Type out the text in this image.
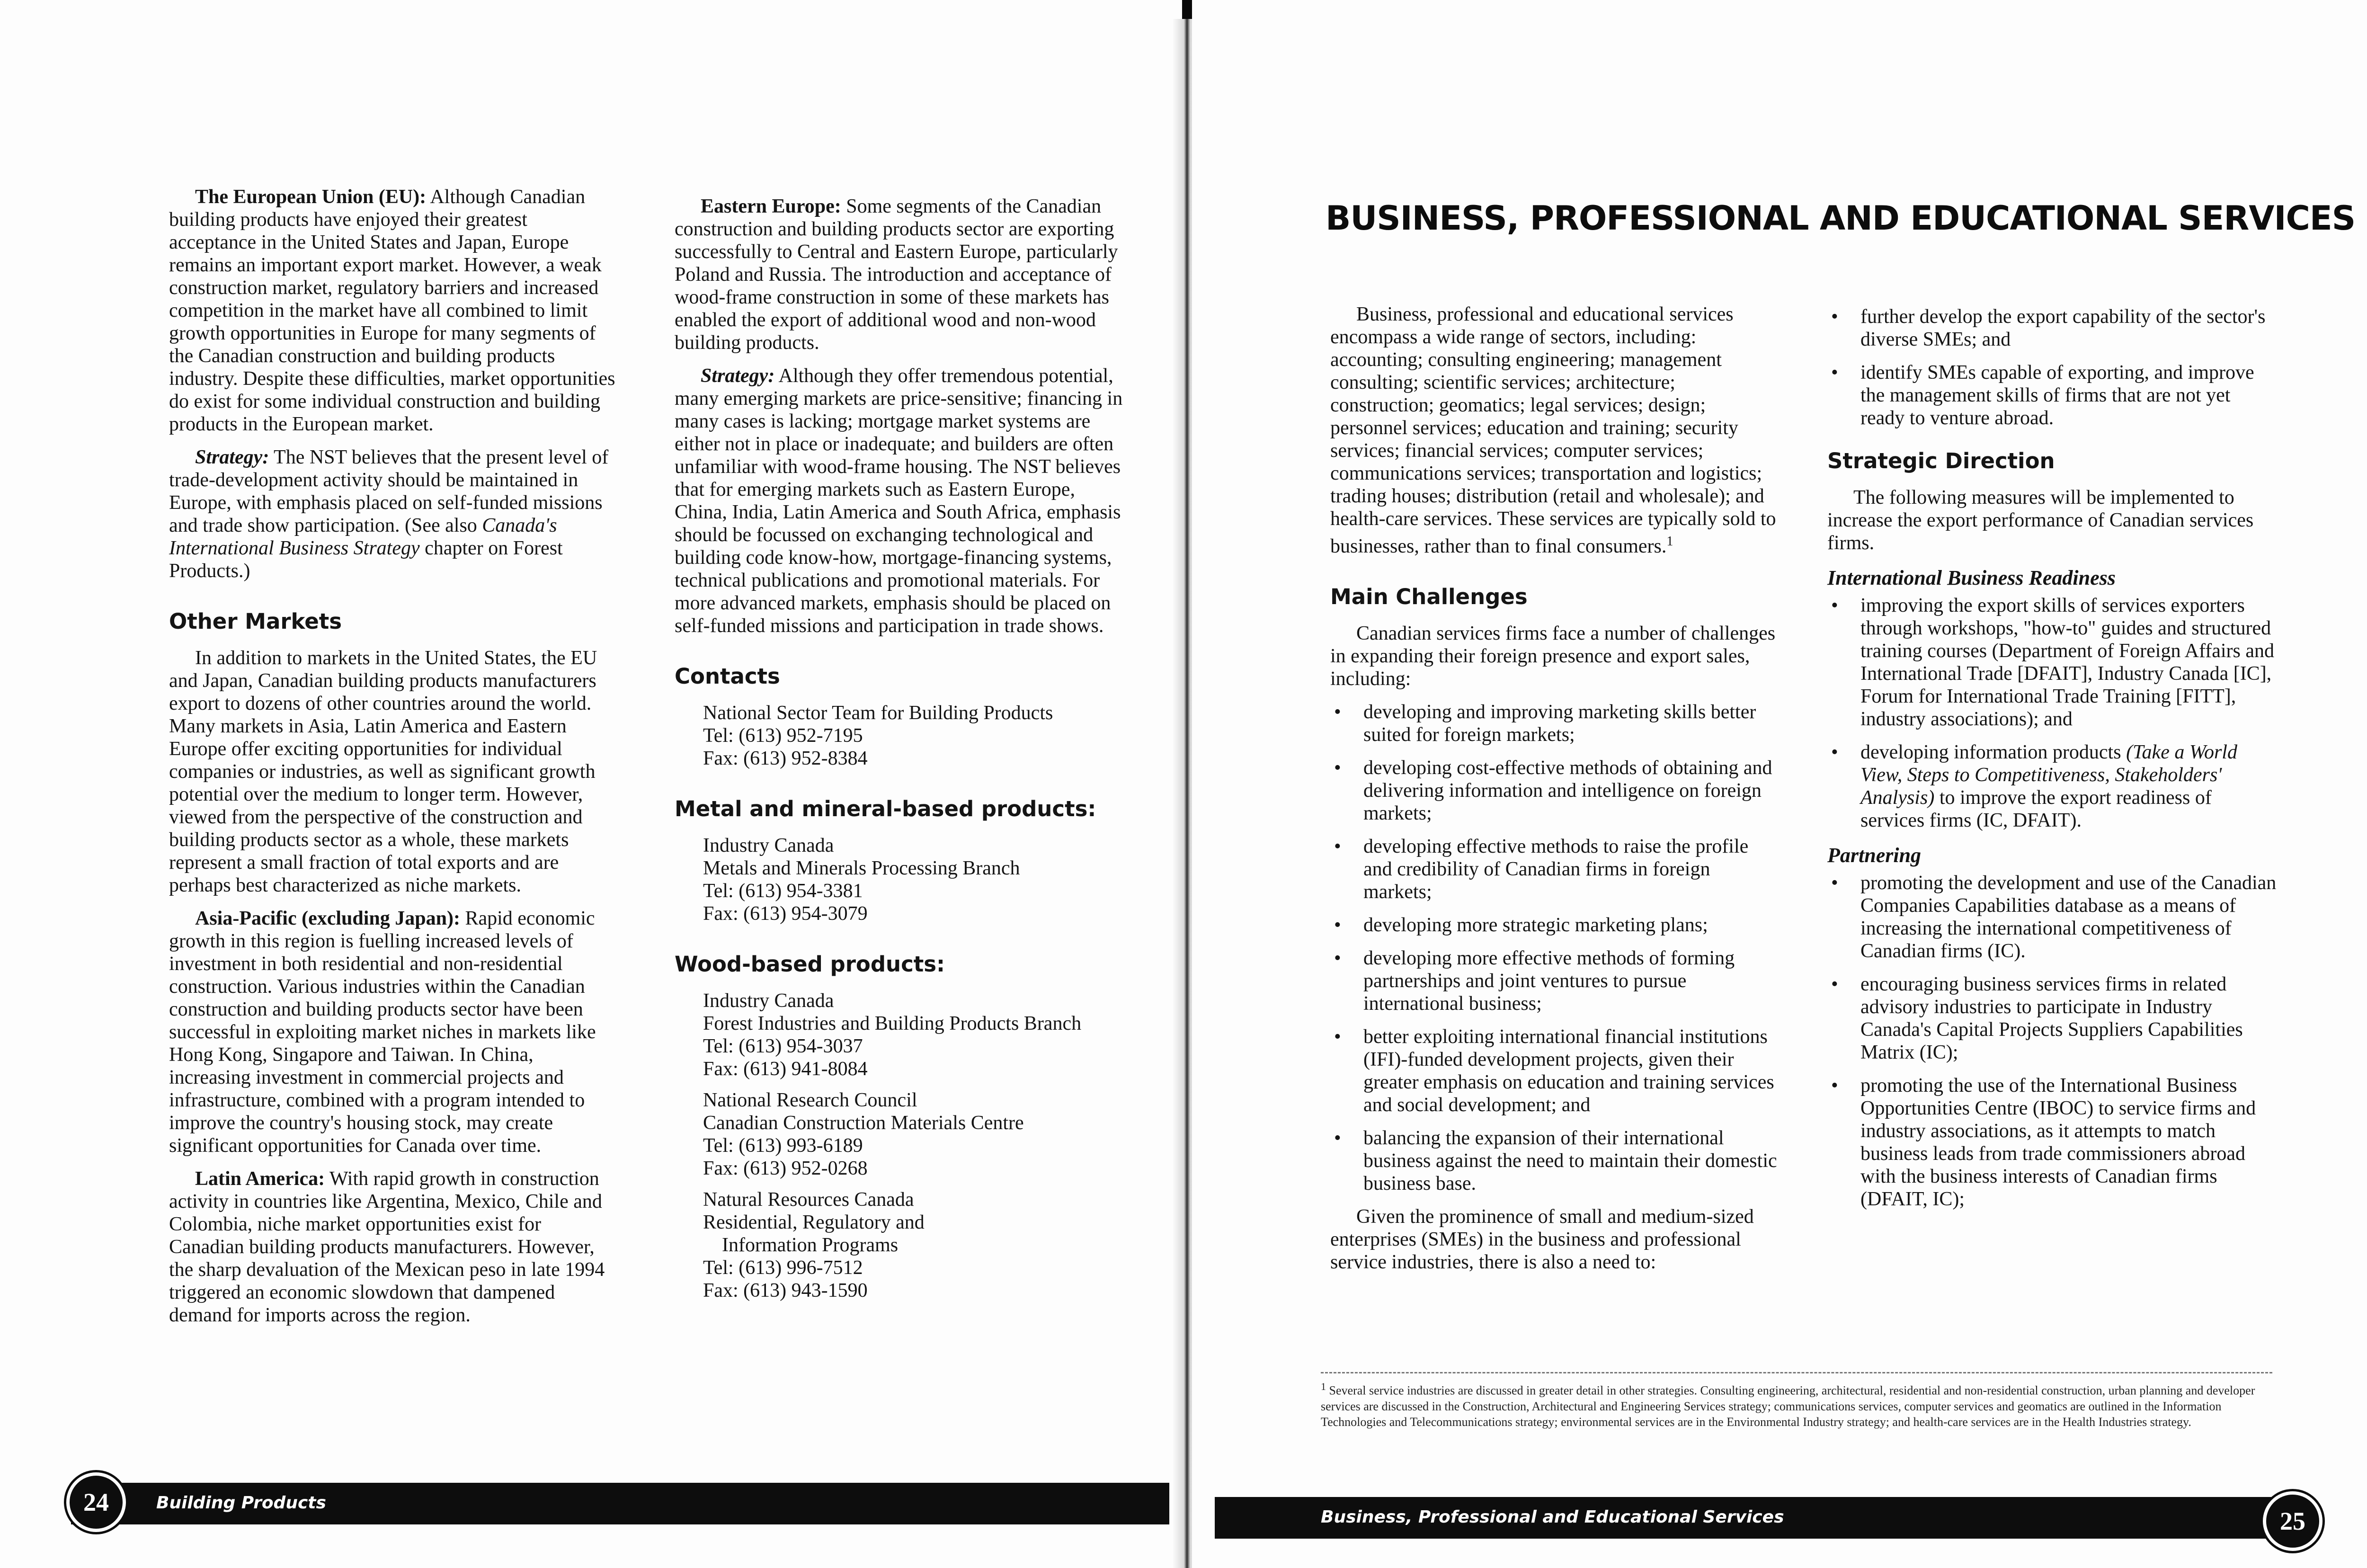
The European Union (EU): Although Canadian building products have enjoyed their greatest acceptance in the United States and Japan, Europe remains an important export market. However, a weak construction market, regulatory barriers and increased competition in the market have all combined to limit growth opportunities in Europe for many segments of the Canadian construction and building products industry. Despite these difficulties, market opportunities do exist for some individual construction and building products in the European market.

Strategy: The NST believes that the present level of trade-development activity should be maintained in Europe, with emphasis placed on self-funded missions and trade show participation. (See also Canada's International Business Strategy chapter on Forest Products.)

Other Markets

In addition to markets in the United States, the EU and Japan, Canadian building products manufacturers export to dozens of other countries around the world. Many markets in Asia, Latin America and Eastern Europe offer exciting opportunities for individual companies or industries, as well as significant growth potential over the medium to longer term. However, viewed from the perspective of the construction and building products sector as a whole, these markets represent a small fraction of total exports and are perhaps best characterized as niche markets.

Asia-Pacific (excluding Japan): Rapid economic growth in this region is fuelling increased levels of investment in both residential and non-residential construction. Various industries within the Canadian construction and building products sector have been successful in exploiting market niches in markets like Hong Kong, Singapore and Taiwan. In China, increasing investment in commercial projects and infrastructure, combined with a program intended to improve the country's housing stock, may create significant opportunities for Canada over time.

Latin America: With rapid growth in construction activity in countries like Argentina, Mexico, Chile and Colombia, niche market opportunities exist for Canadian building products manufacturers. However, the sharp devaluation of the Mexican peso in late 1994 triggered an economic slowdown that dampened demand for imports across the region.

Eastern Europe: Some segments of the Canadian construction and building products sector are exporting successfully to Central and Eastern Europe, particularly Poland and Russia. The introduction and acceptance of wood-frame construction in some of these markets has enabled the export of additional wood and non-wood building products.

Strategy: Although they offer tremendous potential, many emerging markets are price-sensitive; financing in many cases is lacking; mortgage market systems are either not in place or inadequate; and builders are often unfamiliar with wood-frame housing. The NST believes that for emerging markets such as Eastern Europe, China, India, Latin America and South Africa, emphasis should be focussed on exchanging technological and building code know-how, mortgage-financing systems, technical publications and promotional materials. For more advanced markets, emphasis should be placed on self-funded missions and participation in trade shows.

Contacts
National Sector Team for Building Products
Tel: (613) 952-7195
Fax: (613) 952-8384
Metal and mineral-based products:
Industry Canada
Metals and Minerals Processing Branch
Tel: (613) 954-3381
Fax: (613) 954-3079
Wood-based products:
Industry Canada
Forest Industries and Building Products Branch
Tel: (613) 954-3037
Fax: (613) 941-8084
National Research Council
Canadian Construction Materials Centre
Tel: (613) 993-6189
Fax: (613) 952-0268
Natural Resources Canada
Residential, Regulatory and
Information Programs
Tel: (613) 996-7512
Fax: (613) 943-1590
Building Products
24
BUSINESS, PROFESSIONAL AND EDUCATIONAL SERVICES

Business, professional and educational services encompass a wide range of sectors, including: accounting; consulting engineering; management consulting; scientific services; architecture; construction; geomatics; legal services; design; personnel services; education and training; security services; financial services; computer services; communications services; transportation and logistics; trading houses; distribution (retail and wholesale); and health-care services. These services are typically sold to businesses, rather than to final consumers.$^1$

Main Challenges

Canadian services firms face a number of challenges in expanding their foreign presence and export sales, including:

• developing and improving marketing skills better suited for foreign markets;
• developing cost-effective methods of obtaining and delivering information and intelligence on foreign markets;
• developing effective methods to raise the profile and credibility of Canadian firms in foreign markets;
• developing more strategic marketing plans;
• developing more effective methods of forming partnerships and joint ventures to pursue international business;
• better exploiting international financial institutions (IFI)-funded development projects, given their greater emphasis on education and training services and social development; and
• balancing the expansion of their international business against the need to maintain their domestic business base.

Given the prominence of small and medium-sized enterprises (SMEs) in the business and professional service industries, there is also a need to:

• further develop the export capability of the sector's diverse SMEs; and
• identify SMEs capable of exporting, and improve the management skills of firms that are not yet ready to venture abroad.
Strategic Direction

The following measures will be implemented to increase the export performance of Canadian services firms.

International Business Readiness
• improving the export skills of services exporters through workshops, "how-to" guides and structured training courses (Department of Foreign Affairs and International Trade [DFAIT], Industry Canada [IC], Forum for International Trade Training [FITT], industry associations); and
• developing information products (Take a World View, Steps to Competitiveness, Stakeholders' Analysis) to improve the export readiness of services firms (IC, DFAIT).
Partnering
• promoting the development and use of the Canadian Companies Capabilities database as a means of increasing the international competitiveness of Canadian firms (IC).
• encouraging business services firms in related advisory industries to participate in Industry Canada's Capital Projects Suppliers Capabilities Matrix (IC);
• promoting the use of the International Business Opportunities Centre (IBOC) to service firms and industry associations, as it attempts to match business leads from trade commissioners abroad with the business interests of Canadian firms (DFAIT, IC);
$^1$ Several service industries are discussed in greater detail in other strategies. Consulting engineering, architectural, residential and non-residential construction, urban planning and developer services are discussed in the Construction, Architectural and Engineering Services strategy; communications services, computer services and geomatics are outlined in the Information Technologies and Telecommunications strategy; environmental services are in the Environmental Industry strategy; and health-care services are in the Health Industries strategy.
Business, Professional and Educational Services	25
